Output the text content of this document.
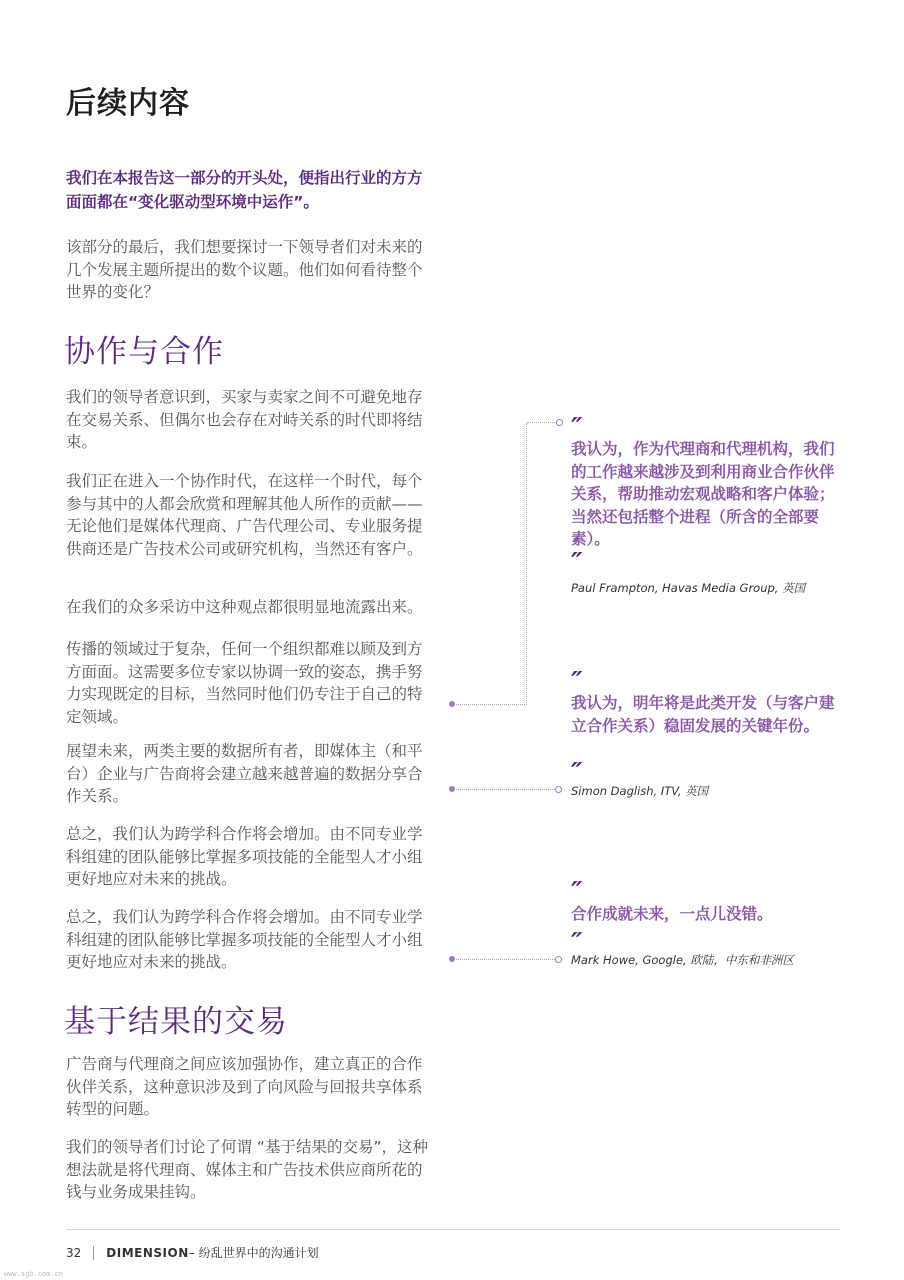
后续内容

我们在本报告这一部分的开头处，便指出行业的方方面面都在“变化驱动型环境中运作”。

该部分的最后，我们想要探讨一下领导者们对未来的几个发展主题所提出的数个议题。他们如何看待整个世界的变化？

协作与合作

我们的领导者意识到，买家与卖家之间不可避免地存在交易关系、但偶尔也会存在对峙关系的时代即将结束。

我们正在进入一个协作时代，在这样一个时代，每个参与其中的人都会欣赏和理解其他人所作的贡献——无论他们是媒体代理商、广告代理公司、专业服务提供商还是广告技术公司或研究机构，当然还有客户。

在我们的众多采访中这种观点都很明显地流露出来。

传播的领域过于复杂，任何一个组织都难以顾及到方方面面。这需要多位专家以协调一致的姿态，携手努力实现既定的目标，当然同时他们仍专注于自己的特定领域。

展望未来，两类主要的数据所有者，即媒体主（和平台）企业与广告商将会建立越来越普遍的数据分享合作关系。

总之，我们认为跨学科合作将会增加。由不同专业学科组建的团队能够比掌握多项技能的全能型人才小组更好地应对未来的挑战。

总之，我们认为跨学科合作将会增加。由不同专业学科组建的团队能够比掌握多项技能的全能型人才小组更好地应对未来的挑战。

基于结果的交易

广告商与代理商之间应该加强协作，建立真正的合作伙伴关系，这种意识涉及到了向风险与回报共享体系转型的问题。

我们的领导者们讨论了何谓 “基于结果的交易”，这种想法就是将代理商、媒体主和广告技术供应商所花的钱与业务成果挂钩。

″

我认为，作为代理商和代理机构，我们的工作越来越涉及到利用商业合作伙伴关系，帮助推动宏观战略和客户体验；当然还包括整个进程（所含的全部要素）。

″

Paul Frampton, Havas Media Group, 英国

″

我认为，明年将是此类开发（与客户建立合作关系）稳固发展的关键年份。

″

Simon Daglish, ITV, 英国

″

合作成就未来，一点儿没错。

″

Mark Howe, Google, 欧陆，中东和非洲区

32 DIMENSION – 纷乱世界中的沟通计划
www.sgb.com.cn
